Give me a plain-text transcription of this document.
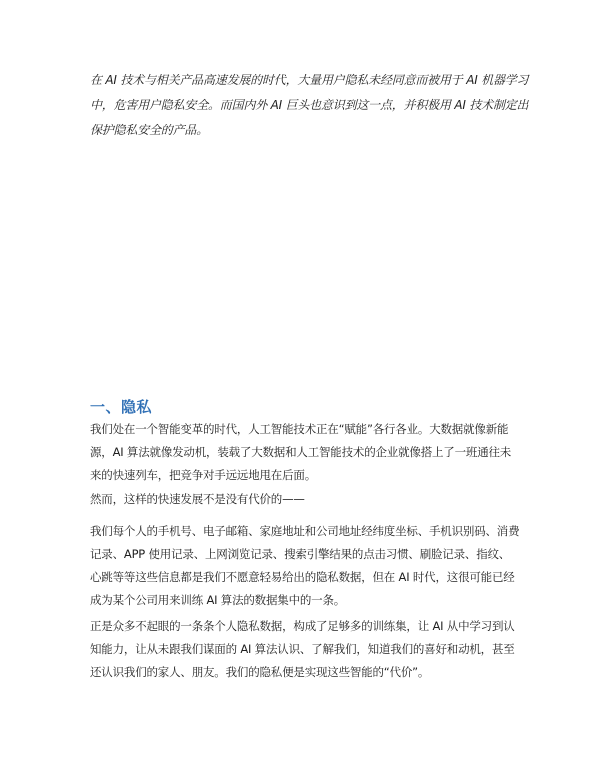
在 AI 技术与相关产品高速发展的时代，大量用户隐私未经同意而被用于 AI 机器学习中，危害用户隐私安全。而国内外 AI 巨头也意识到这一点，并积极用 AI 技术制定出保护隐私安全的产品。

一、隐私

我们处在一个智能变革的时代，人工智能技术正在“赋能”各行各业。大数据就像新能源，AI 算法就像发动机，装载了大数据和人工智能技术的企业就像搭上了一班通往未来的快速列车，把竞争对手远远地甩在后面。

然而，这样的快速发展不是没有代价的——

我们每个人的手机号、电子邮箱、家庭地址和公司地址经纬度坐标、手机识别码、消费记录、APP 使用记录、上网浏览记录、搜索引擎结果的点击习惯、刷脸记录、指纹、心跳等等这些信息都是我们不愿意轻易给出的隐私数据，但在 AI 时代，这很可能已经成为某个公司用来训练 AI 算法的数据集中的一条。

正是众多不起眼的一条条个人隐私数据，构成了足够多的训练集，让 AI 从中学习到认知能力，让从未跟我们谋面的 AI 算法认识、了解我们，知道我们的喜好和动机，甚至还认识我们的家人、朋友。我们的隐私便是实现这些智能的“代价”。
